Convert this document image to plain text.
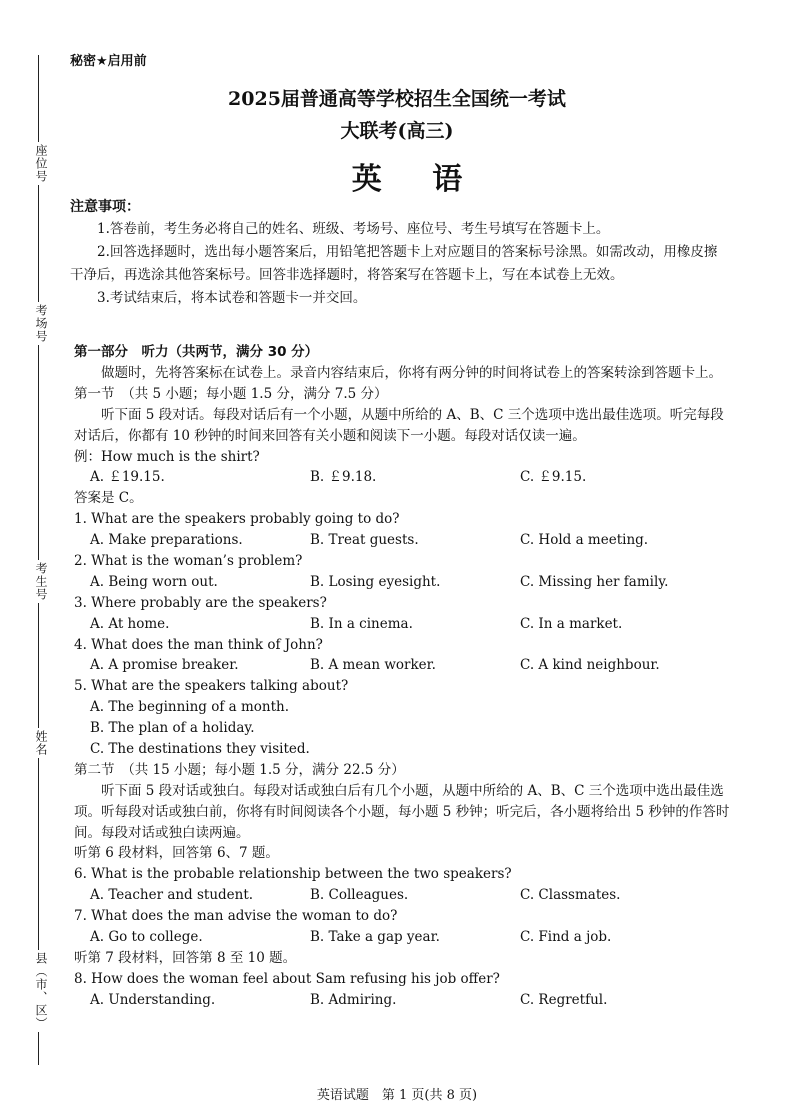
座位号
考场号
考生号
姓名
县（市、区）
秘密★启用前
2025届普通高等学校招生全国统一考试
大联考(高三)
英 语
注意事项：

1.答卷前，考生务必将自己的姓名、班级、考场号、座位号、考生号填写在答题卡上。

2.回答选择题时，选出每小题答案后，用铅笔把答题卡上对应题目的答案标号涂黑。如需改动，用橡皮擦干净后，再选涂其他答案标号。回答非选择题时，将答案写在答题卡上，写在本试卷上无效。

3.考试结束后，将本试卷和答题卡一并交回。

第一部分　听力（共两节，满分 30 分）
做题时，先将答案标在试卷上。录音内容结束后，你将有两分钟的时间将试卷上的答案转涂到答题卡上。
第一节　（共 5 小题；每小题 1.5 分，满分 7.5 分）
听下面 5 段对话。每段对话后有一个小题，从题中所给的 A、B、C 三个选项中选出最佳选项。听完每段对话后，你都有 10 秒钟的时间来回答有关小题和阅读下一小题。每段对话仅读一遍。
例：How much is the shirt?
A. ￡19.15.	B. ￡9.18.	C. ￡9.15.
答案是 C。
1. What are the speakers probably going to do?
A. Make preparations.	B. Treat guests.	C. Hold a meeting.
2. What is the woman’s problem?
A. Being worn out.	B. Losing eyesight.	C. Missing her family.
3. Where probably are the speakers?
A. At home.	B. In a cinema.	C. In a market.
4. What does the man think of John?
A. A promise breaker.	B. A mean worker.	C. A kind neighbour.
5. What are the speakers talking about?
A. The beginning of a month.
B. The plan of a holiday.
C. The destinations they visited.
第二节　（共 15 小题；每小题 1.5 分，满分 22.5 分）
听下面 5 段对话或独白。每段对话或独白后有几个小题，从题中所给的 A、B、C 三个选项中选出最佳选项。听每段对话或独白前，你将有时间阅读各个小题，每小题 5 秒钟；听完后，各小题将给出 5 秒钟的作答时间。每段对话或独白读两遍。
听第 6 段材料，回答第 6、7 题。
6. What is the probable relationship between the two speakers?
A. Teacher and student.	B. Colleagues.	C. Classmates.
7. What does the man advise the woman to do?
A. Go to college.	B. Take a gap year.	C. Find a job.
听第 7 段材料，回答第 8 至 10 题。
8. How does the woman feel about Sam refusing his job offer?
A. Understanding.	B. Admiring.	C. Regretful.
英语试题　第 1 页(共 8 页)
